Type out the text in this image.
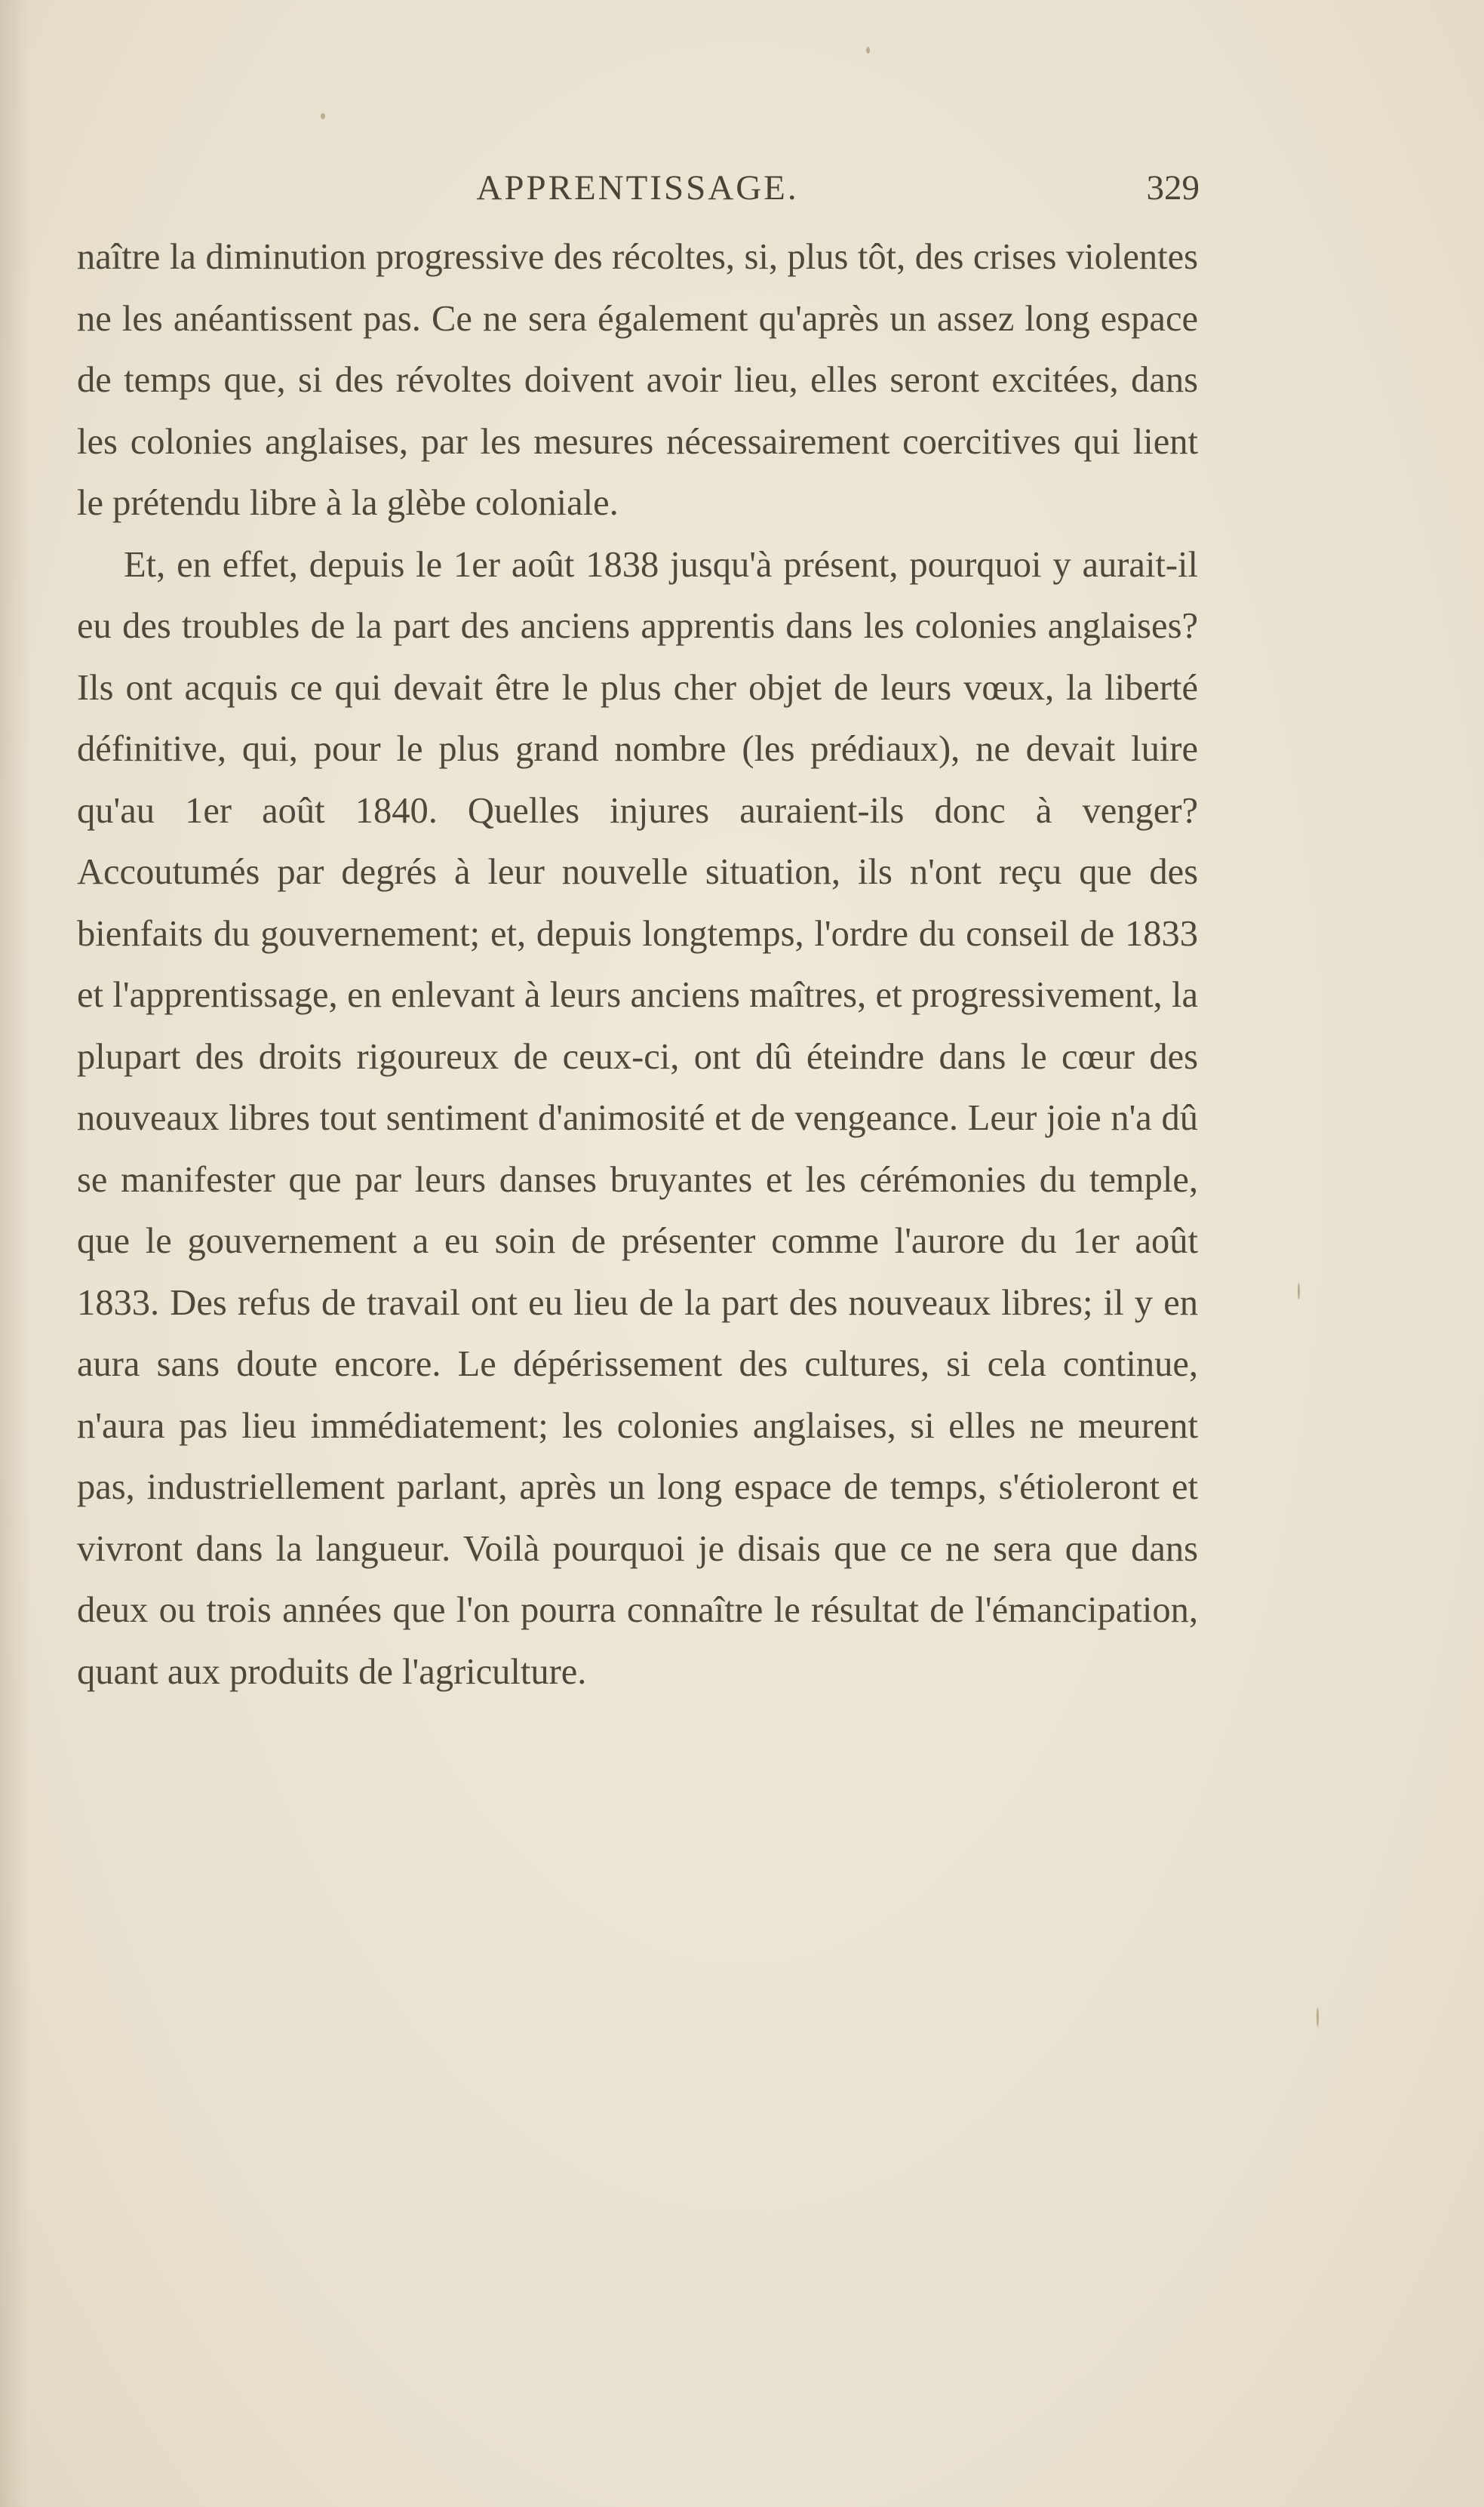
APPRENTISSAGE.	329

naître la diminution progressive des récoltes, si, plus tôt, des crises violentes ne les anéantissent pas. Ce ne sera également qu'après un assez long espace de temps que, si des révoltes doivent avoir lieu, elles seront excitées, dans les colonies anglaises, par les mesures nécessairement coercitives qui lient le prétendu libre à la glèbe coloniale.

Et, en effet, depuis le 1er août 1838 jusqu'à présent, pourquoi y aurait-il eu des troubles de la part des anciens apprentis dans les colonies anglaises? Ils ont acquis ce qui devait être le plus cher objet de leurs vœux, la liberté définitive, qui, pour le plus grand nombre (les prédiaux), ne devait luire qu'au 1er août 1840. Quelles injures auraient-ils donc à venger? Accoutumés par degrés à leur nouvelle situation, ils n'ont reçu que des bienfaits du gouvernement; et, depuis longtemps, l'ordre du conseil de 1833 et l'apprentissage, en enlevant à leurs anciens maîtres, et progressivement, la plupart des droits rigoureux de ceux-ci, ont dû éteindre dans le cœur des nouveaux libres tout sentiment d'animosité et de vengeance. Leur joie n'a dû se manifester que par leurs danses bruyantes et les cérémonies du temple, que le gouvernement a eu soin de présenter comme l'aurore du 1er août 1833. Des refus de travail ont eu lieu de la part des nouveaux libres; il y en aura sans doute encore. Le dépérissement des cultures, si cela continue, n'aura pas lieu immédiatement; les colonies anglaises, si elles ne meurent pas, industriellement parlant, après un long espace de temps, s'étioleront et vivront dans la langueur. Voilà pourquoi je disais que ce ne sera que dans deux ou trois années que l'on pourra connaître le résultat de l'émancipation, quant aux produits de l'agriculture.
